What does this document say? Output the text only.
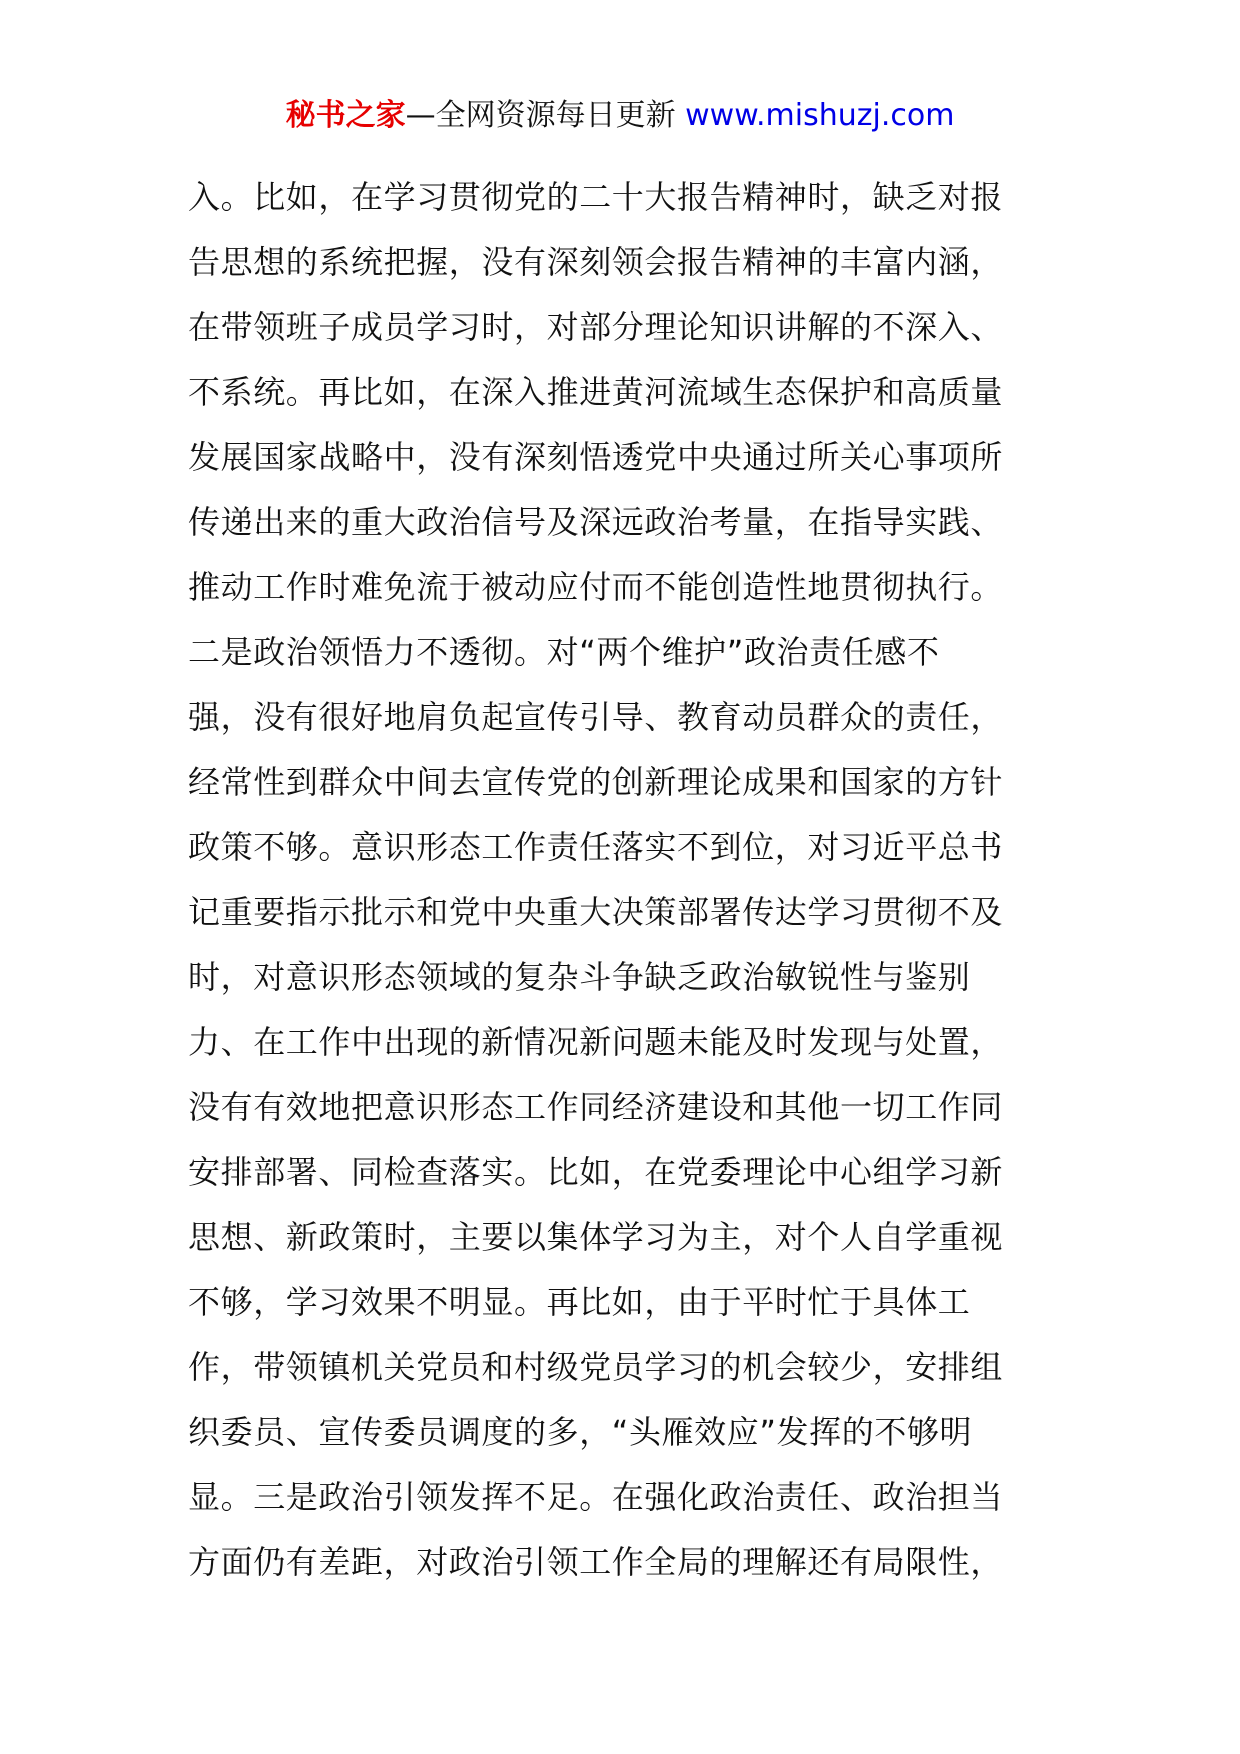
秘书之家—全网资源每日更新 www.mishuzj.com
入。比如，在学习贯彻党的二十大报告精神时，缺乏对报
告思想的系统把握，没有深刻领会报告精神的丰富内涵，
在带领班子成员学习时，对部分理论知识讲解的不深入、
不系统。再比如，在深入推进黄河流域生态保护和高质量
发展国家战略中，没有深刻悟透党中央通过所关心事项所
传递出来的重大政治信号及深远政治考量，在指导实践、
推动工作时难免流于被动应付而不能创造性地贯彻执行。
二是政治领悟力不透彻。对“两个维护”政治责任感不
强，没有很好地肩负起宣传引导、教育动员群众的责任，
经常性到群众中间去宣传党的创新理论成果和国家的方针
政策不够。意识形态工作责任落实不到位，对习近平总书
记重要指示批示和党中央重大决策部署传达学习贯彻不及
时，对意识形态领域的复杂斗争缺乏政治敏锐性与鉴别
力、在工作中出现的新情况新问题未能及时发现与处置，
没有有效地把意识形态工作同经济建设和其他一切工作同
安排部署、同检查落实。比如，在党委理论中心组学习新
思想、新政策时，主要以集体学习为主，对个人自学重视
不够，学习效果不明显。再比如，由于平时忙于具体工
作，带领镇机关党员和村级党员学习的机会较少，安排组
织委员、宣传委员调度的多，“头雁效应”发挥的不够明
显。三是政治引领发挥不足。在强化政治责任、政治担当
方面仍有差距，对政治引领工作全局的理解还有局限性，
